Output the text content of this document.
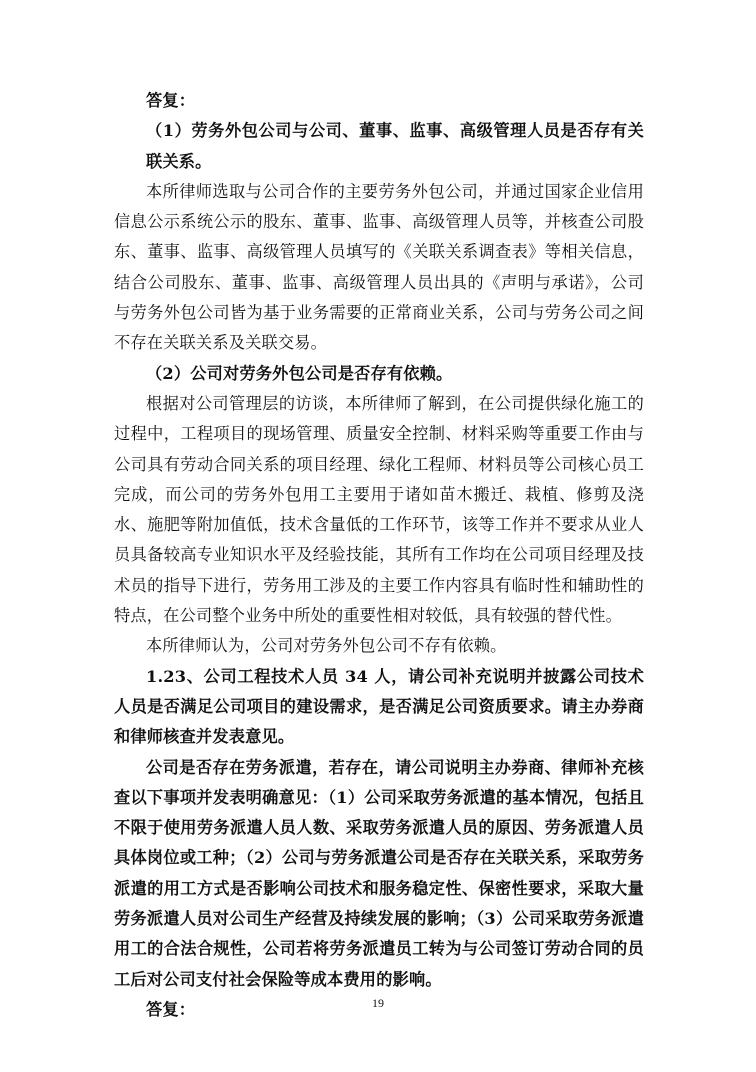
答复：

（1）劳务外包公司与公司、董事、监事、高级管理人员是否存有关联关系。

本所律师选取与公司合作的主要劳务外包公司，并通过国家企业信用信息公示系统公示的股东、董事、监事、高级管理人员等，并核查公司股东、董事、监事、高级管理人员填写的《关联关系调查表》等相关信息，结合公司股东、董事、监事、高级管理人员出具的《声明与承诺》，公司与劳务外包公司皆为基于业务需要的正常商业关系，公司与劳务公司之间不存在关联关系及关联交易。

（2）公司对劳务外包公司是否存有依赖。

根据对公司管理层的访谈，本所律师了解到，在公司提供绿化施工的过程中，工程项目的现场管理、质量安全控制、材料采购等重要工作由与公司具有劳动合同关系的项目经理、绿化工程师、材料员等公司核心员工完成，而公司的劳务外包用工主要用于诸如苗木搬迁、栽植、修剪及浇水、施肥等附加值低，技术含量低的工作环节，该等工作并不要求从业人员具备较高专业知识水平及经验技能，其所有工作均在公司项目经理及技术员的指导下进行，劳务用工涉及的主要工作内容具有临时性和辅助性的特点，在公司整个业务中所处的重要性相对较低，具有较强的替代性。

本所律师认为，公司对劳务外包公司不存有依赖。

1.23、公司工程技术人员 34 人，请公司补充说明并披露公司技术人员是否满足公司项目的建设需求，是否满足公司资质要求。请主办券商和律师核查并发表意见。

公司是否存在劳务派遣，若存在，请公司说明主办券商、律师补充核查以下事项并发表明确意见：（1）公司采取劳务派遣的基本情况，包括且不限于使用劳务派遣人员人数、采取劳务派遣人员的原因、劳务派遣人员具体岗位或工种；（2）公司与劳务派遣公司是否存在关联关系，采取劳务派遣的用工方式是否影响公司技术和服务稳定性、保密性要求，采取大量劳务派遣人员对公司生产经营及持续发展的影响；（3）公司采取劳务派遣用工的合法合规性，公司若将劳务派遣员工转为与公司签订劳动合同的员工后对公司支付社会保险等成本费用的影响。

答复：	19
